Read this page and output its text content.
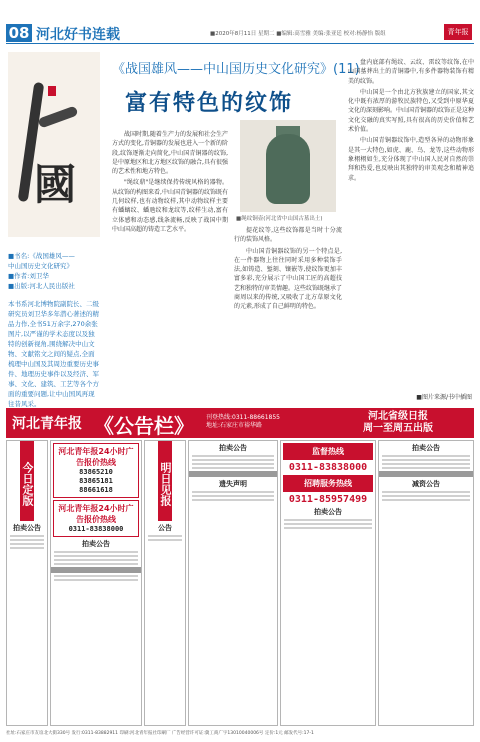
08 河北好书连载	■2020年8月11日 星期二 ■编辑:高雪雅 美编:张亚廷 校对:杨静怡 版组	青年报
國
■书名:《战国雄风——
中山国历史文化研究》
■作者:刘卫华
■出版:河北人民出版社
本书系河北博物院副院长、二级研究员刘卫华多年潜心著述的精品力作,全书51万余字,270余张图片,以严谨的学术态度以及独特的创新视角,围绕解决中山文物、文献铭文之间的疑点,全面梳理中山国及其周边重要历史事件、地理历史事件以及经济、军事、文化、建筑、工艺等各个方面的重要问题,让中山国风再现往昔风采。
《战国雄风——中山国历史文化研究》(11)
富有特色的纹饰

战国时期,随着生产力的发展和社会生产方式的变化,青铜器的发展也进入一个新的阶段,纹饰逐渐走向简化,中山国青铜器的纹饰,是中原地区和北方地区纹饰的融合,具有很强的艺术性和地方特色。

"绳纹鼎"是继续保持传统风格的器物。从纹饰的构图来看,中山国青铜器的纹饰既有几何纹样,也有动物纹样,其中动物纹样主要有蟠螭纹、蟠虺纹和龙纹等,纹样生动,富有立体感和动态感,线条流畅,反映了战国中期中山国高超的铸造工艺水平。

■绳纹铜壶(河北省中山国古墓出土)

提花纹等,这些纹饰都是当时十分流行的装饰风格。

中山国青铜器纹饰的另一个特点是,在一件器物上往往同时采用多种装饰手法,如铸造、錾刻、镶嵌等,使纹饰更加丰富多彩,充分展示了中山国工匠的高超技艺和独特的审美情趣。这些纹饰既继承了商周以来的传统,又吸收了北方草原文化的元素,形成了自己鲜明的特色。

盘内底部有绳纹、云纹、雷纹等纹饰,在中山国墓葬出土的青铜器中,有多件器物装饰有精美的纹饰。

中山国是一个由北方狄族建立的国家,其文化中既有浓厚的游牧民族特色,又受到中原华夏文化的深刻影响。中山国青铜器的纹饰正是这种文化交融的真实写照,具有很高的历史价值和艺术价值。

中山国青铜器纹饰中,造型各异的动物形象是其一大特色,如虎、鹿、鸟、龙等,这些动物形象栩栩如生,充分体现了中山国人民对自然的崇拜和热爱,也反映出其独特的审美观念和精神追求。

■图片来源/书中插图
河北青年报 《公告栏》 刊登热线:0311-88661855
地址:石家庄市裕华路
河北省级日报
周一至周五出版
今日定版
拍卖公告
河北青年报24小时广告报价热线
83865210
83865181
88661618
河北青年报24小时广告报价热线
0311-83838000
拍卖公告
明日见报
公告
拍卖公告
遗失声明
监督热线
0311-83838000
招聘服务热线
0311-85957499
拍卖公告
拍卖公告
减资公告
社址:石家庄市友谊北大街330号 发行:0311-83882911 印刷:河北青年报社印刷厂 广告经营许可证:冀工商广字13010040006号 定价:1元 邮发代号:17-1
